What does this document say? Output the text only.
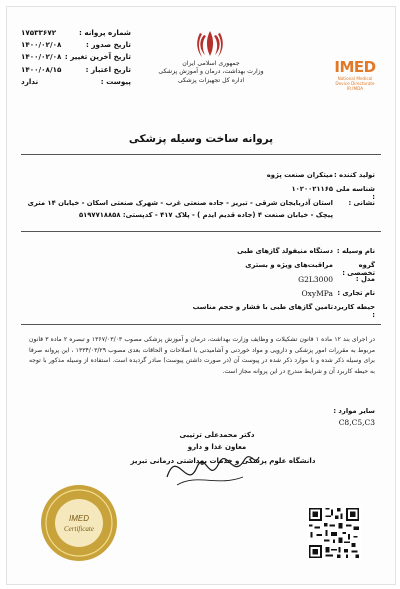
شماره پروانه :
۱۷۵۳۳۶۷۲
تاریخ صدور :
۱۴۰۰/۰۲/۰۸
تاریخ آخرین تغییر :
۱۴۰۰/۰۲/۰۸
تاریخ اعتبار :
۱۴۰۰/۰۸/۱۵
پیوست :
ندارد
جمهوری اسلامی ایران
وزارت بهداشت، درمان و آموزش پزشکی
اداره کل تجهیزات پزشکی
IMED
National Medical
Device Directorate
IR.IMDA
پروانه ساخت وسیله پزشکی
تولید کننده :
میتکران صنعت پژوه
شناسه ملی :
۱۰۲۰۰۲۱۱۶۵
نشانی :
استان آذربایجان شرقی - تبریز - جاده صنعتی غرب - شهرک صنعتی اسکان - خیابان ۱۴ متری
پیچک - خیابان صنعت ۴ (جاده قدیم ایدم ) - پلاک ۴۱۷ - کدپستی: ۵۱۹۷۷۱۸۸۵۸
نام وسیله :
دستگاه منیفولد گازهای طبی
گروه تخصصی :
مراقبت‌های ویژه و بستری
مدل :
G2L3000
نام تجاری :
OxyMPa
حیطه کاربرد :
تامین گازهای طبی با فشار و حجم مناسب
در اجرای بند ۱۲ ماده ۱ قانون تشکیلات و وظایف وزارت بهداشت، درمان و آموزش پزشکی مصوب ۱۳۶۷/۰۳/۰۳ و تبصره ۲ ماده ۳ قانون مربوط به مقررات امور پزشکی و دارویی و مواد خوردنی و آشامیدنی با اصلاحات و الحاقات بعدی مصوب ۱۳۳۴/۰۳/۲۹ ، این پروانه صرفا برای وسیله ذکر شده و با موارد ذکر شده در پیوست آن (در صورت داشتن پیوست) صادر گردیده است. استفاده از وسیله مذکور با توجه به حیطه کاربرد آن و شرایط مندرج در این پروانه مجاز است.
سایر موارد :
C8,C5,C3
دکتر محمدعلی ترتیبی
معاون غذا و دارو
دانشگاه علوم پزشکی و خدمات بهداشتی درمانی تبریز
IMED
Certificate
